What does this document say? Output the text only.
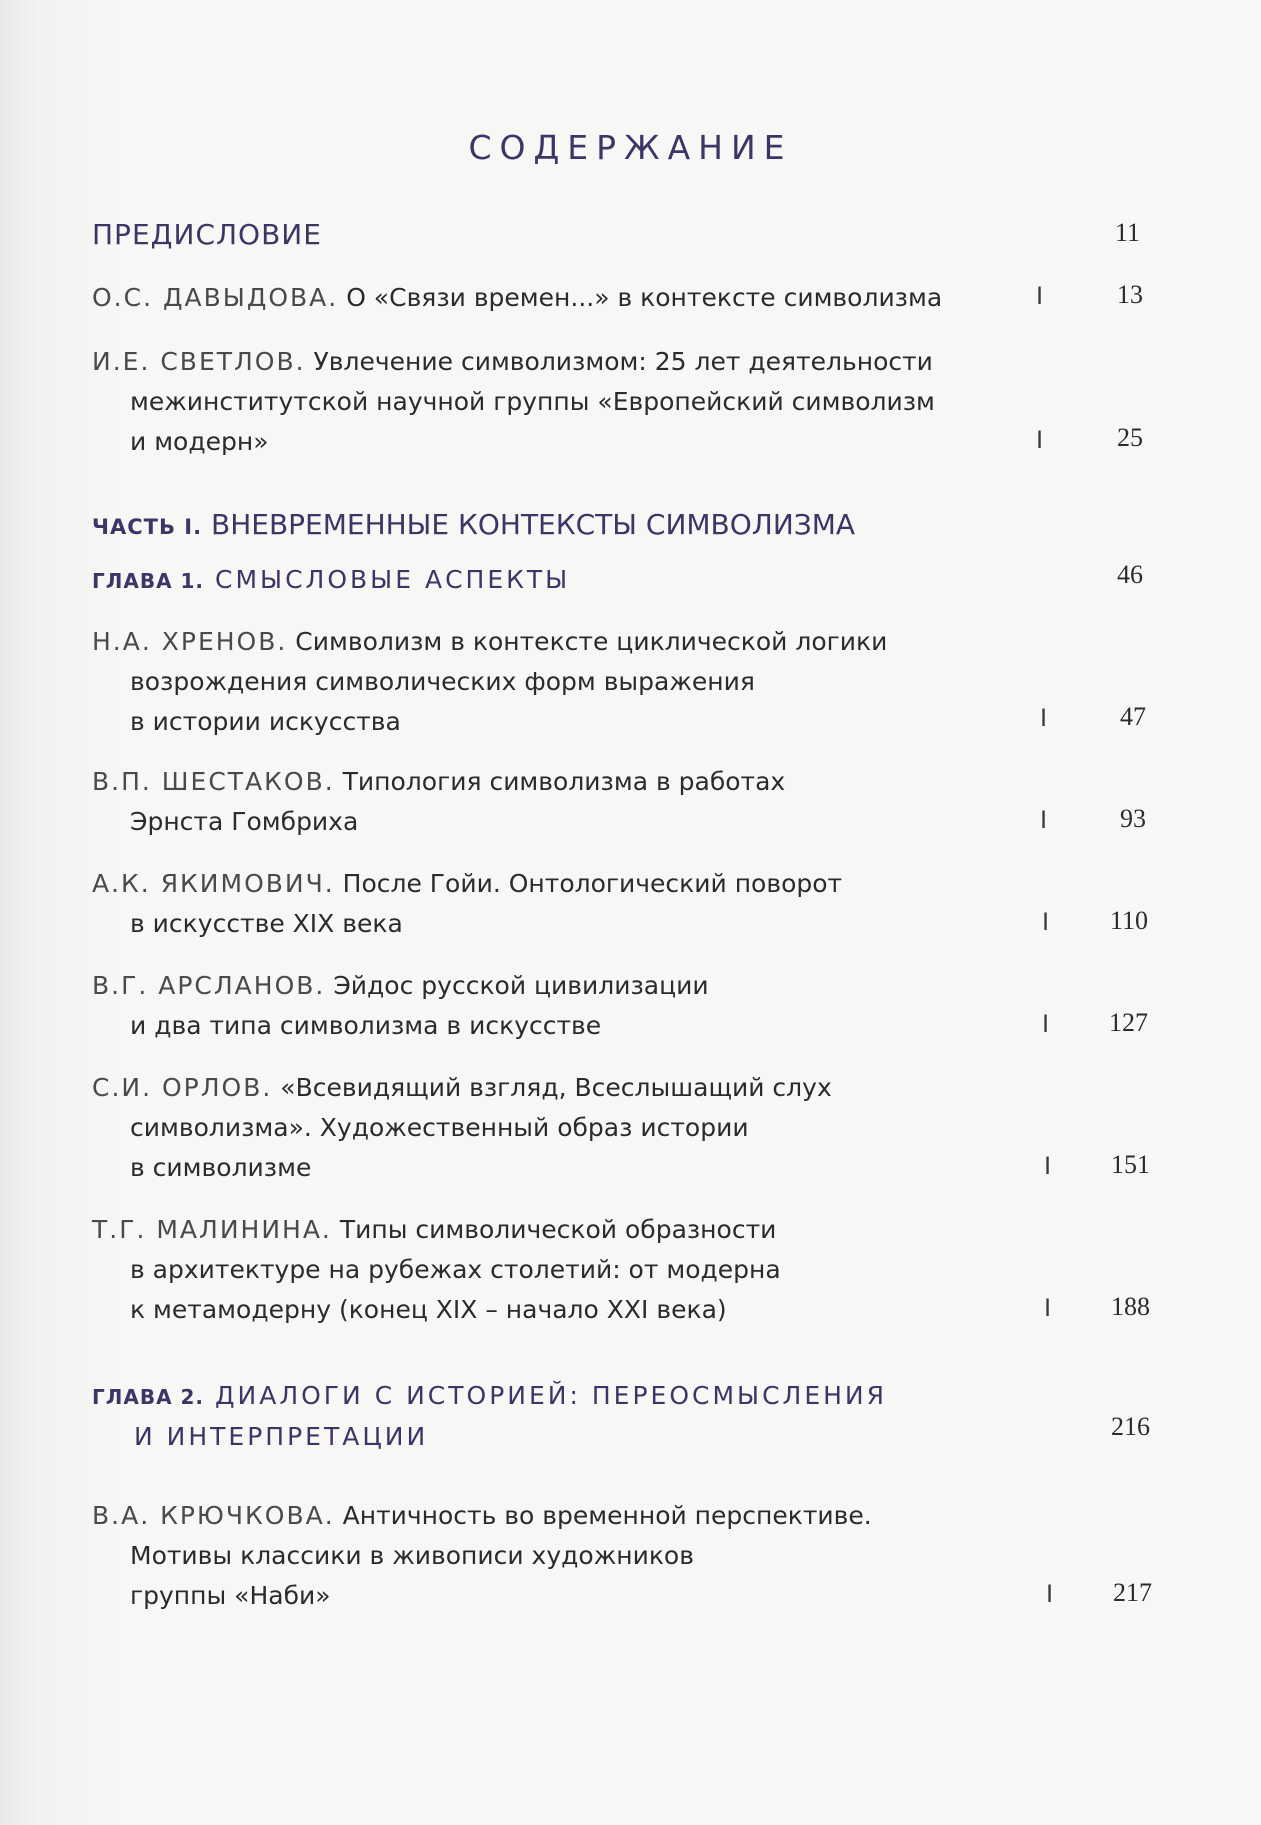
СОДЕРЖАНИЕ
ПРЕДИСЛОВИЕ	11
О.С. ДАВЫДОВА. О «Связи времен...» в контексте символизма	I	13
И.Е. СВЕТЛОВ. Увлечение символизмом: 25 лет деятельности
межинститутской научной группы «Европейский символизм
и модерн»	I	25
ЧАСТЬ I. ВНЕВРЕМЕННЫЕ КОНТЕКСТЫ СИМВОЛИЗМА
ГЛАВА 1. СМЫСЛОВЫЕ АСПЕКТЫ	46
Н.А. ХРЕНОВ. Символизм в контексте циклической логики
возрождения символических форм выражения
в истории искусства	I	47
В.П. ШЕСТАКОВ. Типология символизма в работах
Эрнста Гомбриха	I	93
А.К. ЯКИМОВИЧ. После Гойи. Онтологический поворот
в искусстве XIX века	I	110
В.Г. АРСЛАНОВ. Эйдос русской цивилизации
и два типа символизма в искусстве	I	127
С.И. ОРЛОВ. «Всевидящий взгляд, Всеслышащий слух
символизма». Художественный образ истории
в символизме	I	151
Т.Г. МАЛИНИНА. Типы символической образности
в архитектуре на рубежах столетий: от модерна
к метамодерну (конец XIX – начало XXI века)	I	188
ГЛАВА 2. ДИАЛОГИ С ИСТОРИЕЙ: ПЕРЕОСМЫСЛЕНИЯ
И ИНТЕРПРЕТАЦИИ	216
В.А. КРЮЧКОВА. Античность во временной перспективе.
Мотивы классики в живописи художников
группы «Наби»	I	217
